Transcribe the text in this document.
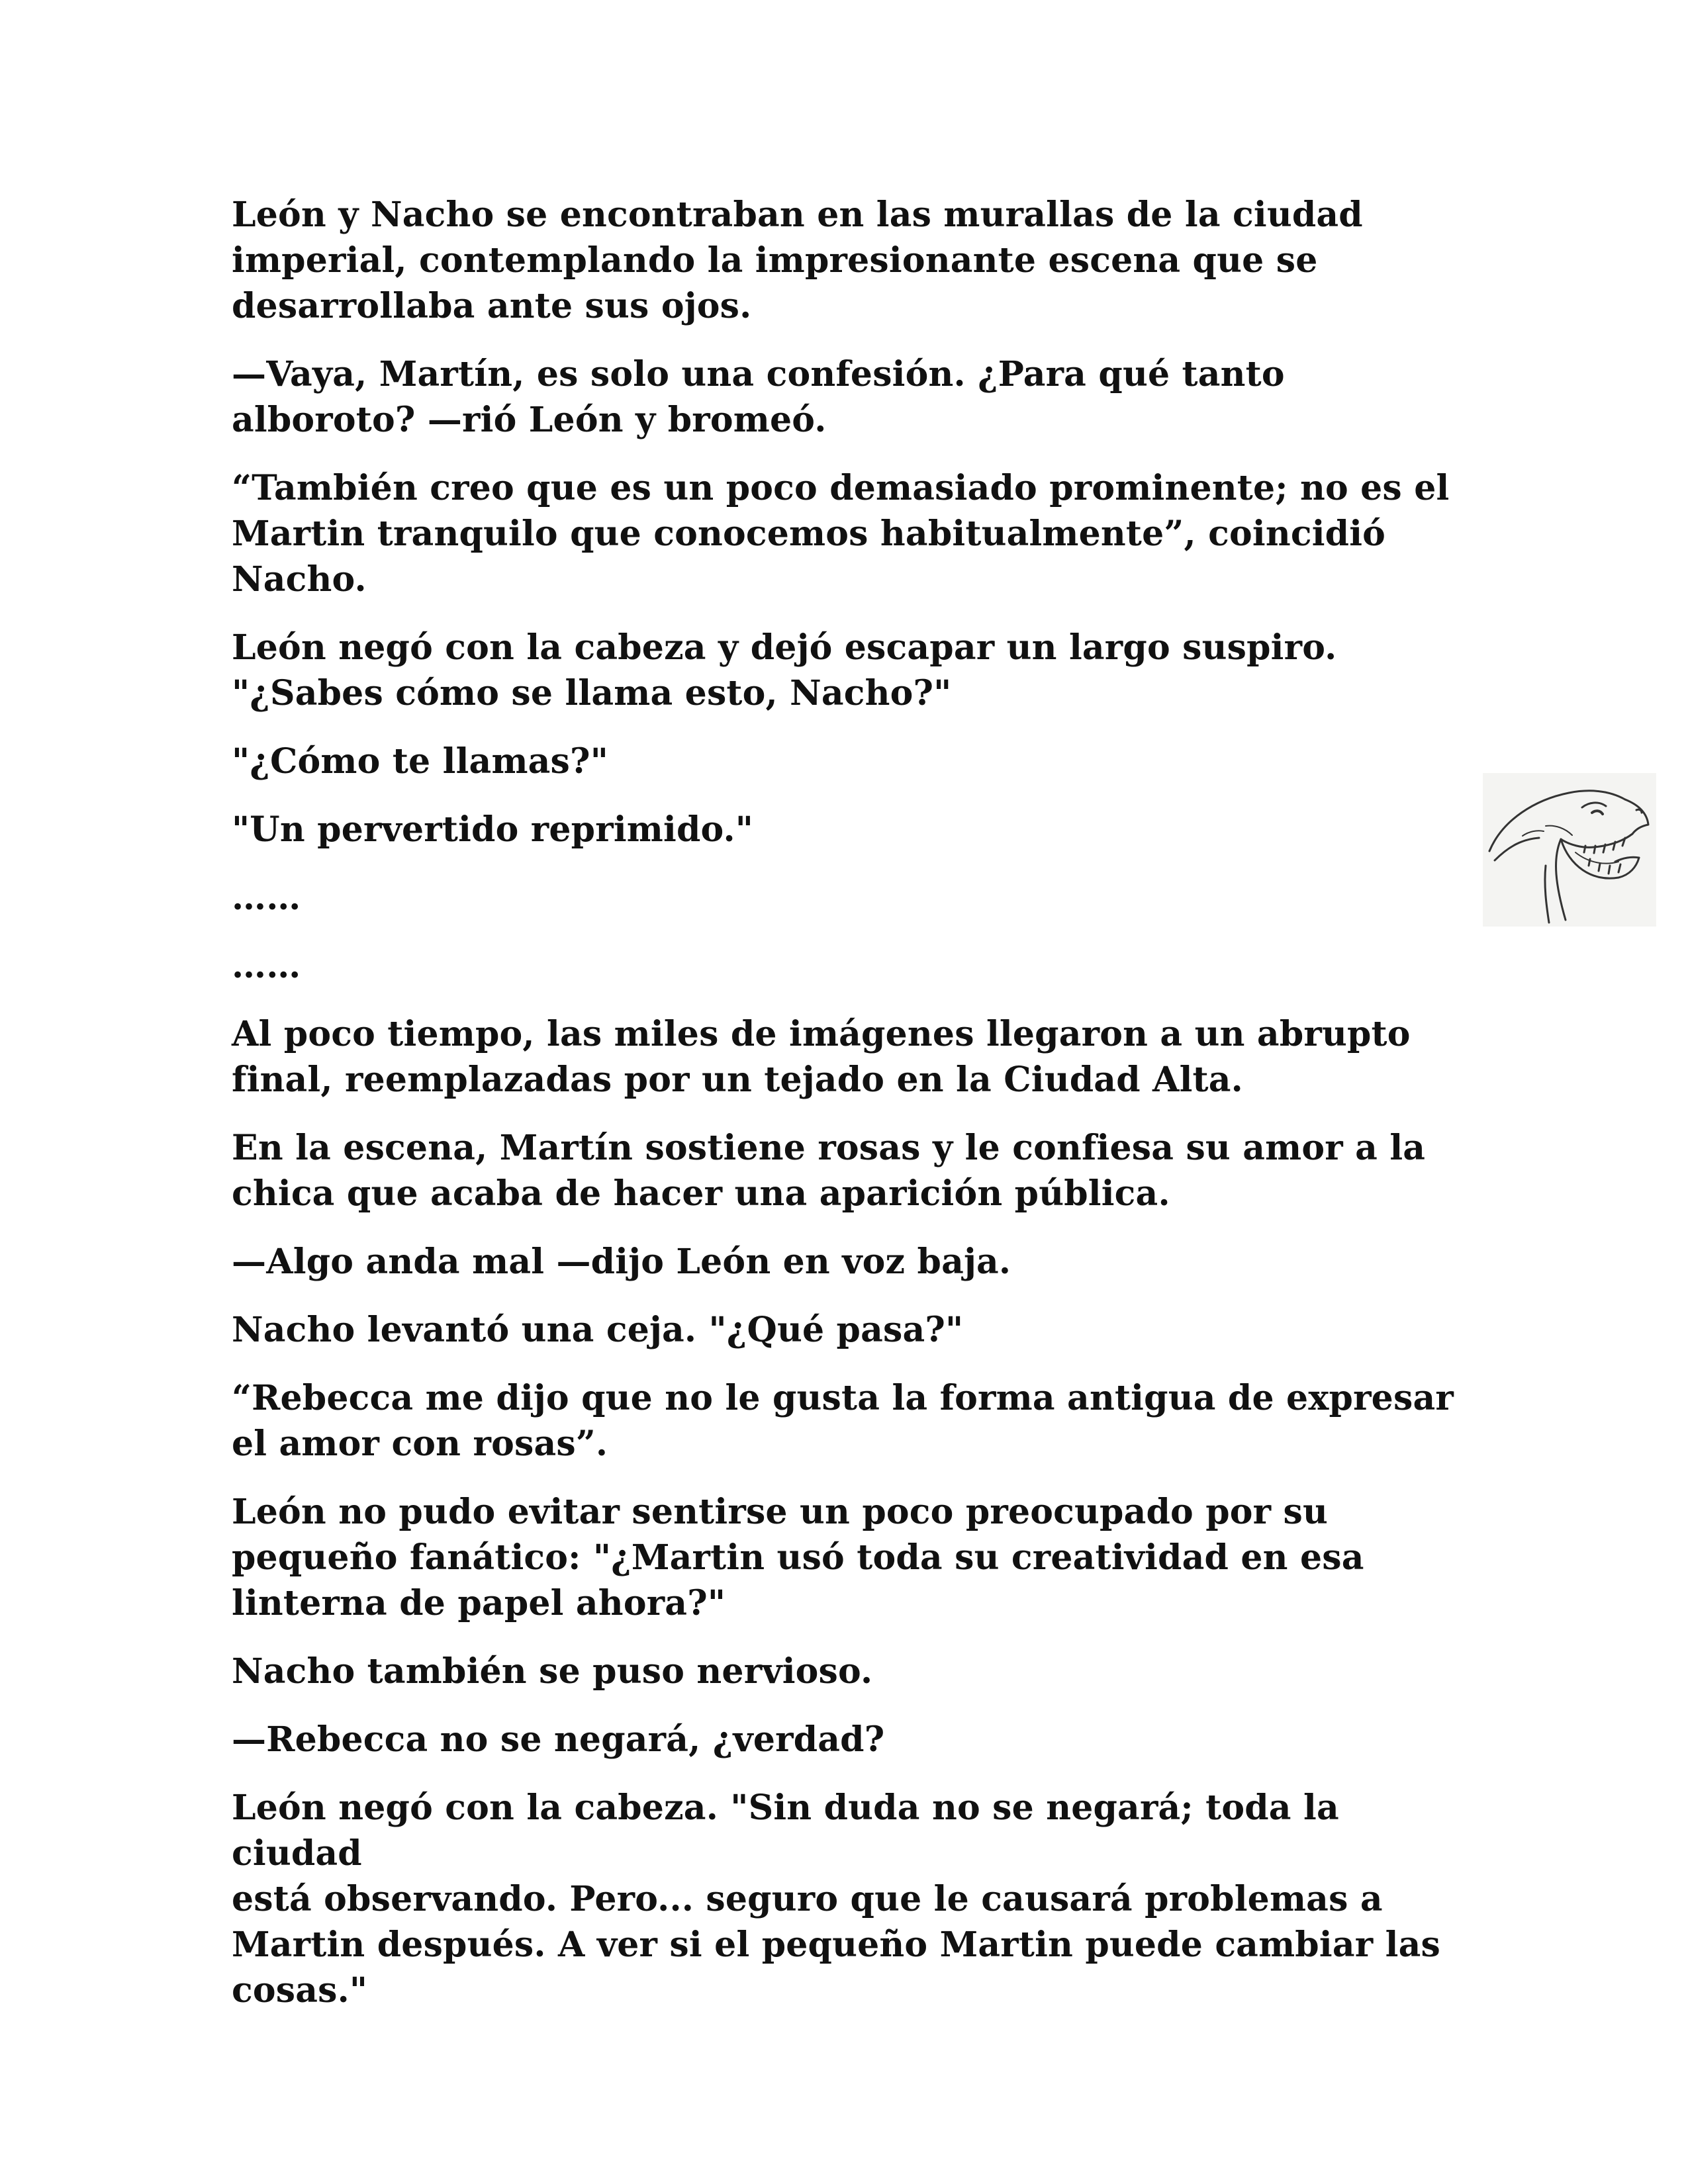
León y Nacho se encontraban en las murallas de la ciudad
imperial, contemplando la impresionante escena que se
desarrollaba ante sus ojos.

—Vaya, Martín, es solo una confesión. ¿Para qué tanto
alboroto? —rió León y bromeó.

“También creo que es un poco demasiado prominente; no es el
Martin tranquilo que conocemos habitualmente”, coincidió
Nacho.

León negó con la cabeza y dejó escapar un largo suspiro.
"¿Sabes cómo se llama esto, Nacho?"

"¿Cómo te llamas?"

"Un pervertido reprimido."

……

……

Al poco tiempo, las miles de imágenes llegaron a un abrupto
final, reemplazadas por un tejado en la Ciudad Alta.

En la escena, Martín sostiene rosas y le confiesa su amor a la
chica que acaba de hacer una aparición pública.

—Algo anda mal —dijo León en voz baja.

Nacho levantó una ceja. "¿Qué pasa?"

“Rebecca me dijo que no le gusta la forma antigua de expresar
el amor con rosas”.

León no pudo evitar sentirse un poco preocupado por su
pequeño fanático: "¿Martin usó toda su creatividad en esa
linterna de papel ahora?"

Nacho también se puso nervioso.

—Rebecca no se negará, ¿verdad?

León negó con la cabeza. "Sin duda no se negará; toda la ciudad
está observando. Pero... seguro que le causará problemas a
Martin después. A ver si el pequeño Martin puede cambiar las
cosas."
